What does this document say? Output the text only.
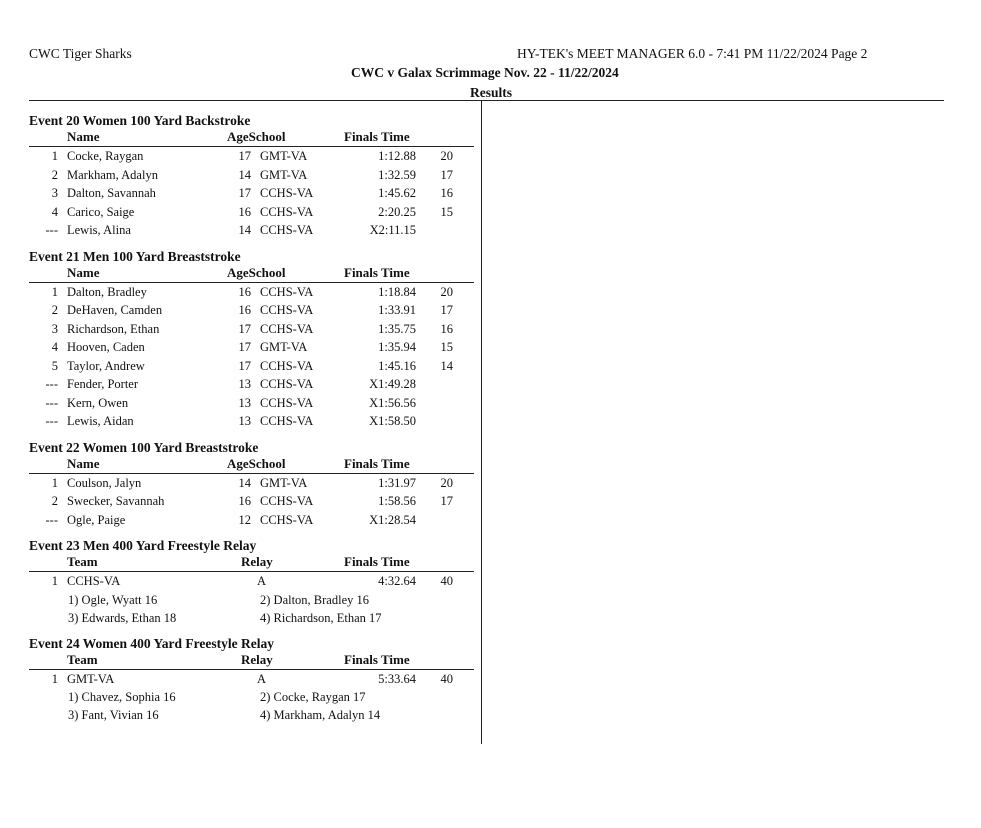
CWC Tiger Sharks	HY-TEK's MEET MANAGER 6.0 - 7:41 PM 11/22/2024 Page 2
CWC v Galax Scrimmage Nov. 22 - 11/22/2024
Results
Event 20 Women 100 Yard Backstroke
Name	AgeSchool	Finals Time
1 Cocke, Raygan	17 GMT-VA	1:12.88	20
2 Markham, Adalyn	14 GMT-VA	1:32.59	17
3 Dalton, Savannah	17 CCHS-VA	1:45.62	16
4 Carico, Saige	16 CCHS-VA	2:20.25	15
--- Lewis, Alina	14 CCHS-VA	X2:11.15
Event 21 Men 100 Yard Breaststroke
Name	AgeSchool	Finals Time
1 Dalton, Bradley	16 CCHS-VA	1:18.84	20
2 DeHaven, Camden	16 CCHS-VA	1:33.91	17
3 Richardson, Ethan	17 CCHS-VA	1:35.75	16
4 Hooven, Caden	17 GMT-VA	1:35.94	15
5 Taylor, Andrew	17 CCHS-VA	1:45.16	14
--- Fender, Porter	13 CCHS-VA	X1:49.28
--- Kern, Owen	13 CCHS-VA	X1:56.56
--- Lewis, Aidan	13 CCHS-VA	X1:58.50
Event 22 Women 100 Yard Breaststroke
Name	AgeSchool	Finals Time
1 Coulson, Jalyn	14 GMT-VA	1:31.97	20
2 Swecker, Savannah	16 CCHS-VA	1:58.56	17
--- Ogle, Paige	12 CCHS-VA	X1:28.54
Event 23 Men 400 Yard Freestyle Relay
Team	Relay	Finals Time
1 CCHS-VA	A	4:32.64	40
1) Ogle, Wyatt 16	2) Dalton, Bradley 16
3) Edwards, Ethan 18	4) Richardson, Ethan 17
Event 24 Women 400 Yard Freestyle Relay
Team	Relay	Finals Time
1 GMT-VA	A	5:33.64	40
1) Chavez, Sophia 16	2) Cocke, Raygan 17
3) Fant, Vivian 16	4) Markham, Adalyn 14
